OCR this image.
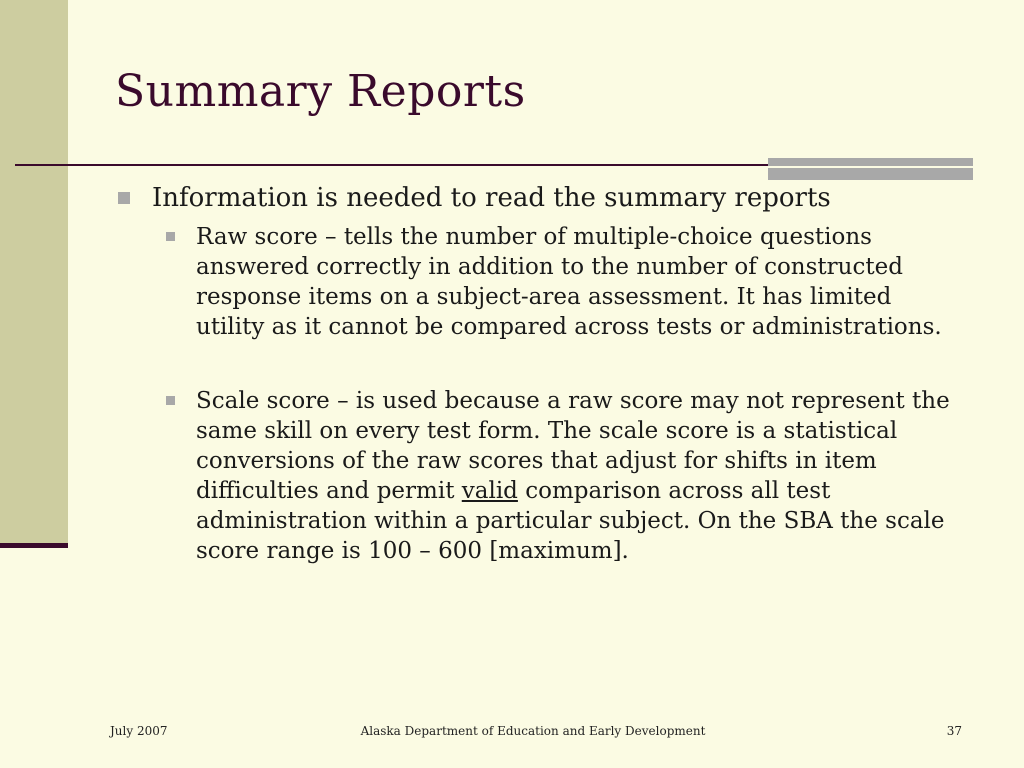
Summary Reports
Information is needed to read the summary reports
Raw score – tells the number of multiple-choice questions answered correctly in addition to the number of constructed response items on a subject-area assessment. It has limited utility as it cannot be compared across tests or administrations.
Scale score – is used because a raw score may not represent the same skill on every test form. The scale score is a statistical conversions of the raw scores that adjust for shifts in item difficulties and permit valid comparison across all test administration within a particular subject. On the SBA the scale score range is 100 – 600 [maximum].
July 2007	Alaska Department of Education and Early Development	37
